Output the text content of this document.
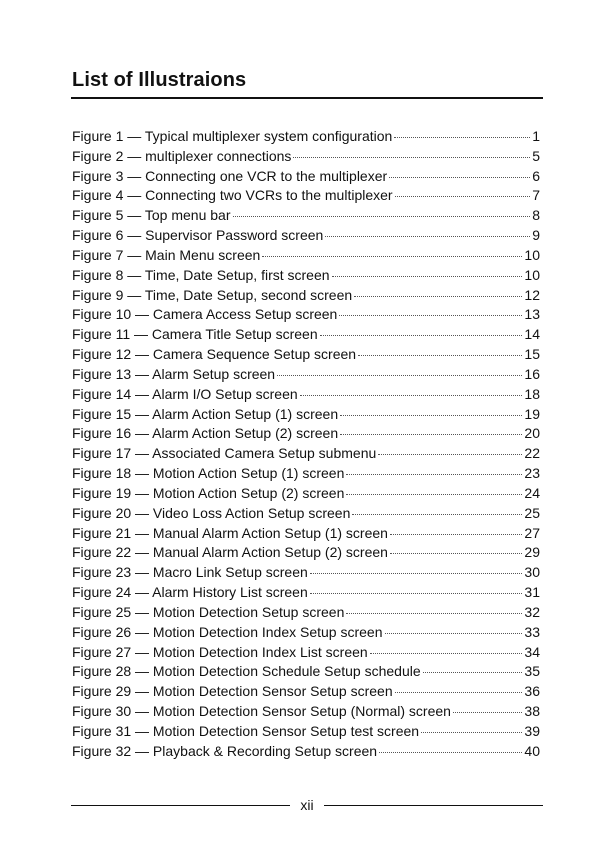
List of Illustraions
Figure 1 — Typical multiplexer system configuration	1
Figure 2 — multiplexer connections	5
Figure 3 — Connecting one VCR to the multiplexer	6
Figure 4 — Connecting two VCRs to the multiplexer	7
Figure 5 — Top menu bar	8
Figure 6 — Supervisor Password screen	9
Figure 7 — Main Menu screen	10
Figure 8 — Time, Date Setup, first screen	10
Figure 9 — Time, Date Setup, second screen	12
Figure 10 — Camera Access Setup screen	13
Figure 11 — Camera Title Setup screen	14
Figure 12 — Camera Sequence Setup screen	15
Figure 13 — Alarm Setup screen	16
Figure 14 — Alarm I/O Setup screen	18
Figure 15 — Alarm Action Setup (1) screen	19
Figure 16 — Alarm Action Setup (2) screen	20
Figure 17 — Associated Camera Setup submenu	22
Figure 18 — Motion Action Setup (1) screen	23
Figure 19 — Motion Action Setup (2) screen	24
Figure 20 — Video Loss Action Setup screen	25
Figure 21 — Manual Alarm Action Setup (1) screen	27
Figure 22 — Manual Alarm Action Setup (2) screen	29
Figure 23 — Macro Link Setup screen	30
Figure 24 — Alarm History List screen	31
Figure 25 — Motion Detection Setup screen	32
Figure 26 — Motion Detection Index Setup screen	33
Figure 27 — Motion Detection Index List screen	34
Figure 28 — Motion Detection Schedule Setup schedule	35
Figure 29 — Motion Detection Sensor Setup screen	36
Figure 30 — Motion Detection Sensor Setup (Normal) screen	38
Figure 31 — Motion Detection Sensor Setup test screen	39
Figure 32 — Playback & Recording Setup screen	40
xii
